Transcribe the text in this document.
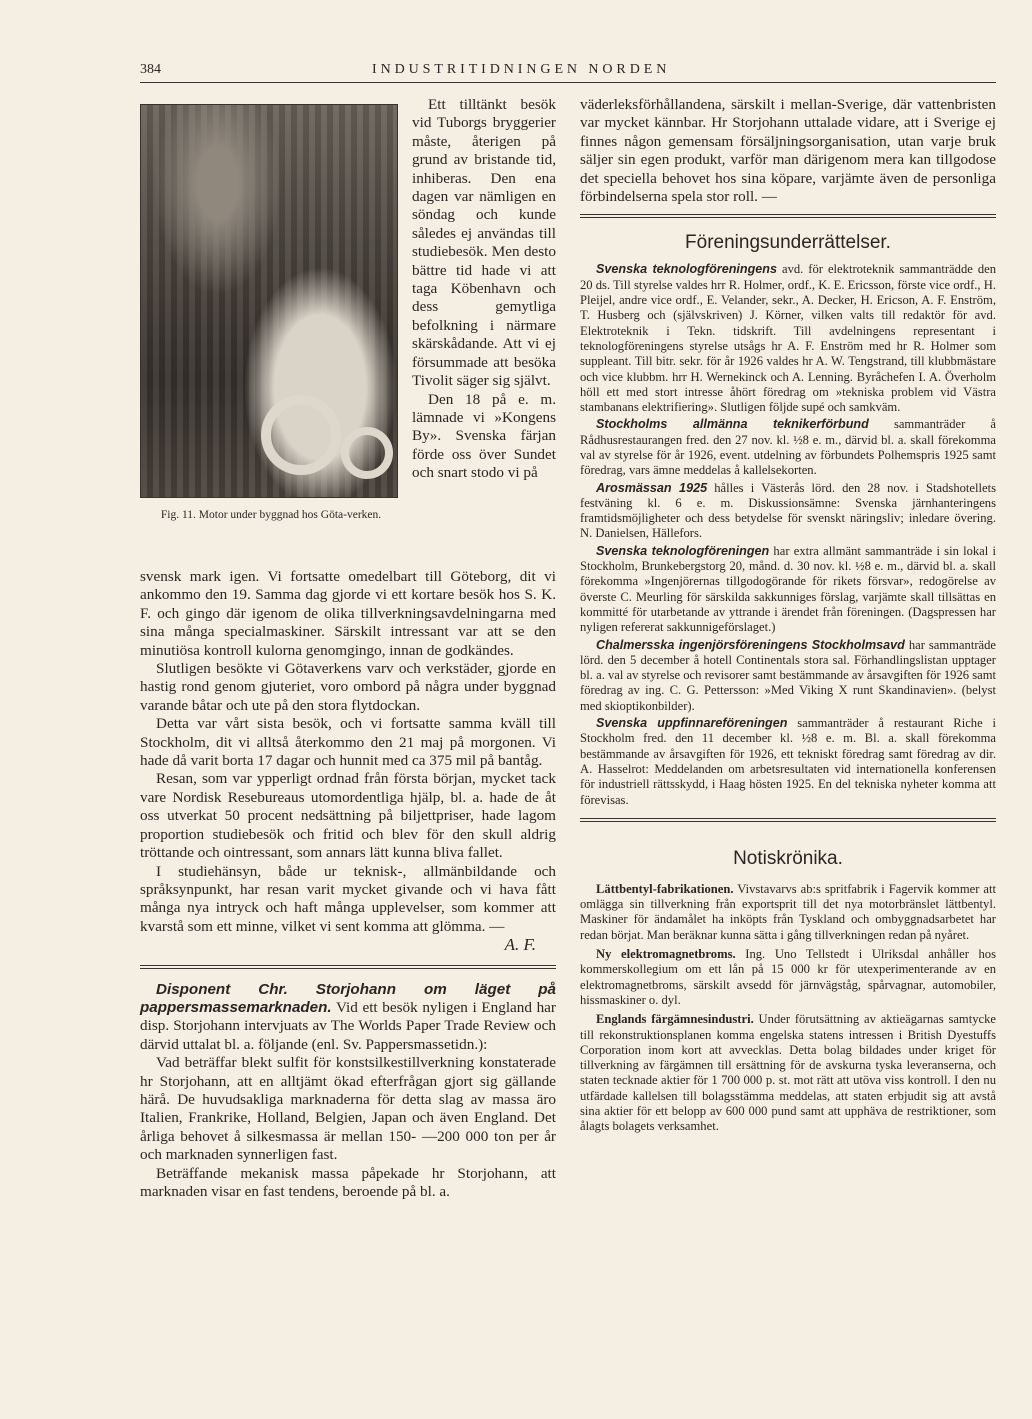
384	INDUSTRITIDNINGEN NORDEN
Fig. 11. Motor under byggnad hos Göta-verken.

Ett tilltänkt besök vid Tuborgs bryggerier måste, återigen på grund av bristande tid, inhiberas. Den ena dagen var nämligen en söndag och kunde således ej användas till studiebesök. Men desto bättre tid hade vi att taga Köbenhavn och dess gemytliga befolkning i närmare skärskådande. Att vi ej försummade att besöka Tivolit säger sig självt.

Den 18 på e. m. lämnade vi »Kongens By». Svenska färjan förde oss över Sundet och snart stodo vi på

svensk mark igen. Vi fortsatte omedelbart till Göteborg, dit vi ankommo den 19. Samma dag gjorde vi ett kortare besök hos S. K. F. och gingo där igenom de olika tillverkningsavdelningarna med sina många specialmaskiner. Särskilt intressant var att se den minutiösa kontroll kulorna genomgingo, innan de godkändes.

Slutligen besökte vi Götaverkens varv och verkstäder, gjorde en hastig rond genom gjuteriet, voro ombord på några under byggnad varande båtar och ute på den stora flytdockan.

Detta var vårt sista besök, och vi fortsatte samma kväll till Stockholm, dit vi alltså återkommo den 21 maj på morgonen. Vi hade då varit borta 17 dagar och hunnit med ca 375 mil på bantåg.

Resan, som var ypperligt ordnad från första början, mycket tack vare Nordisk Resebureaus utomordentliga hjälp, bl. a. hade de åt oss utverkat 50 procent nedsättning på biljettpriser, hade lagom proportion studiebesök och fritid och blev för den skull aldrig tröttande och ointressant, som annars lätt kunna bliva fallet.

I studiehänsyn, både ur teknisk-, allmänbildande och språksynpunkt, har resan varit mycket givande och vi hava fått många nya intryck och haft många upplevelser, som kommer att kvarstå som ett minne, vilket vi sent komma att glömma. —

A. F.

Disponent Chr. Storjohann om läget på pappersmassemarknaden. Vid ett besök nyligen i England har disp. Storjohann intervjuats av The Worlds Paper Trade Review och därvid uttalat bl. a. följande (enl. Sv. Pappersmassetidn.):

Vad beträffar blekt sulfit för konstsilkestillverkning konstaterade hr Storjohann, att en alltjämt ökad efterfrågan gjort sig gällande härå. De huvudsakliga marknaderna för detta slag av massa äro Italien, Frankrike, Holland, Belgien, Japan och även England. Det årliga behovet å silkesmassa är mellan 150- —200 000 ton per år och marknaden synnerligen fast.

Beträffande mekanisk massa påpekade hr Storjohann, att marknaden visar en fast tendens, beroende på bl. a.

väderleksförhållandena, särskilt i mellan-Sverige, där vattenbristen var mycket kännbar. Hr Storjohann uttalade vidare, att i Sverige ej finnes någon gemensam försäljningsorganisation, utan varje bruk säljer sin egen produkt, varför man därigenom mera kan tillgodose det speciella behovet hos sina köpare, varjämte även de personliga förbindelserna spela stor roll. —

Föreningsunderrättelser.

Svenska teknologföreningens avd. för elektroteknik sammanträdde den 20 ds. Till styrelse valdes hrr R. Holmer, ordf., K. E. Ericsson, förste vice ordf., H. Pleijel, andre vice ordf., E. Velander, sekr., A. Decker, H. Ericson, A. F. Enström, T. Husberg och (självskriven) J. Körner, vilken valts till redaktör för avd. Elektroteknik i Tekn. tidskrift. Till avdelningens representant i teknologföreningens styrelse utsågs hr A. F. Enström med hr R. Holmer som suppleant. Till bitr. sekr. för år 1926 valdes hr A. W. Tengstrand, till klubbmästare och vice klubbm. hrr H. Wernekinck och A. Lenning. Byråchefen I. A. Överholm höll ett med stort intresse åhört föredrag om »tekniska problem vid Västra stambanans elektrifiering». Slutligen följde supé och samkväm.

Stockholms allmänna teknikerförbund sammanträder å Rådhusrestaurangen fred. den 27 nov. kl. ½8 e. m., därvid bl. a. skall förekomma val av styrelse för år 1926, event. utdelning av förbundets Polhemspris 1925 samt föredrag, vars ämne meddelas å kallelsekorten.

Arosmässan 1925 hålles i Västerås lörd. den 28 nov. i Stadshotellets festväning kl. 6 e. m. Diskussionsämne: Svenska järnhanteringens framtidsmöjligheter och dess betydelse för svenskt näringsliv; inledare övering. N. Danielsen, Hällefors.

Svenska teknologföreningen har extra allmänt sammanträde i sin lokal i Stockholm, Brunkebergstorg 20, månd. d. 30 nov. kl. ½8 e. m., därvid bl. a. skall förekomma »Ingenjörernas tillgodogörande för rikets försvar», redogörelse av överste C. Meurling för särskilda sakkunniges förslag, varjämte skall tillsättas en kommitté för utarbetande av yttrande i ärendet från föreningen. (Dagspressen har nyligen refererat sakkunnigeförslaget.)

Chalmersska ingenjörsföreningens Stockholmsavd har sammanträde lörd. den 5 december å hotell Continentals stora sal. Förhandlingslistan upptager bl. a. val av styrelse och revisorer samt bestämmande av årsavgiften för 1926 samt föredrag av ing. C. G. Pettersson: »Med Viking X runt Skandinavien». (belyst med skioptikonbilder).

Svenska uppfinnareföreningen sammanträder å restaurant Riche i Stockholm fred. den 11 december kl. ½8 e. m. Bl. a. skall förekomma bestämmande av årsavgiften för 1926, ett tekniskt föredrag samt föredrag av dir. A. Hasselrot: Meddelanden om arbetsresultaten vid internationella konferensen för industriell rättsskydd, i Haag hösten 1925. En del tekniska nyheter komma att förevisas.

Notiskrönika.

Lättbentyl-fabrikationen. Vivstavarvs ab:s spritfabrik i Fagervik kommer att omlägga sin tillverkning från exportsprit till det nya motorbränslet lättbentyl. Maskiner för ändamålet ha inköpts från Tyskland och ombyggnadsarbetet har redan börjat. Man beräknar kunna sätta i gång tillverkningen redan på nyåret.

Ny elektromagnetbroms. Ing. Uno Tellstedt i Ulriksdal anhåller hos kommerskollegium om ett lån på 15 000 kr för utexperimenterande av en elektromagnetbroms, särskilt avsedd för järnvägståg, spårvagnar, automobiler, hissmaskiner o. dyl.

Englands färgämnesindustri. Under förutsättning av aktieägarnas samtycke till rekonstruktionsplanen komma engelska statens intressen i British Dyestuffs Corporation inom kort att avvecklas. Detta bolag bildades under kriget för tillverkning av färgämnen till ersättning för de avskurna tyska leveranserna, och staten tecknade aktier för 1 700 000 p. st. mot rätt att utöva viss kontroll. I den nu utfärdade kallelsen till bolagsstämma meddelas, att staten erbjudit sig att avstå sina aktier för ett belopp av 600 000 pund samt att upphäva de restriktioner, som ålagts bolagets verksamhet.
